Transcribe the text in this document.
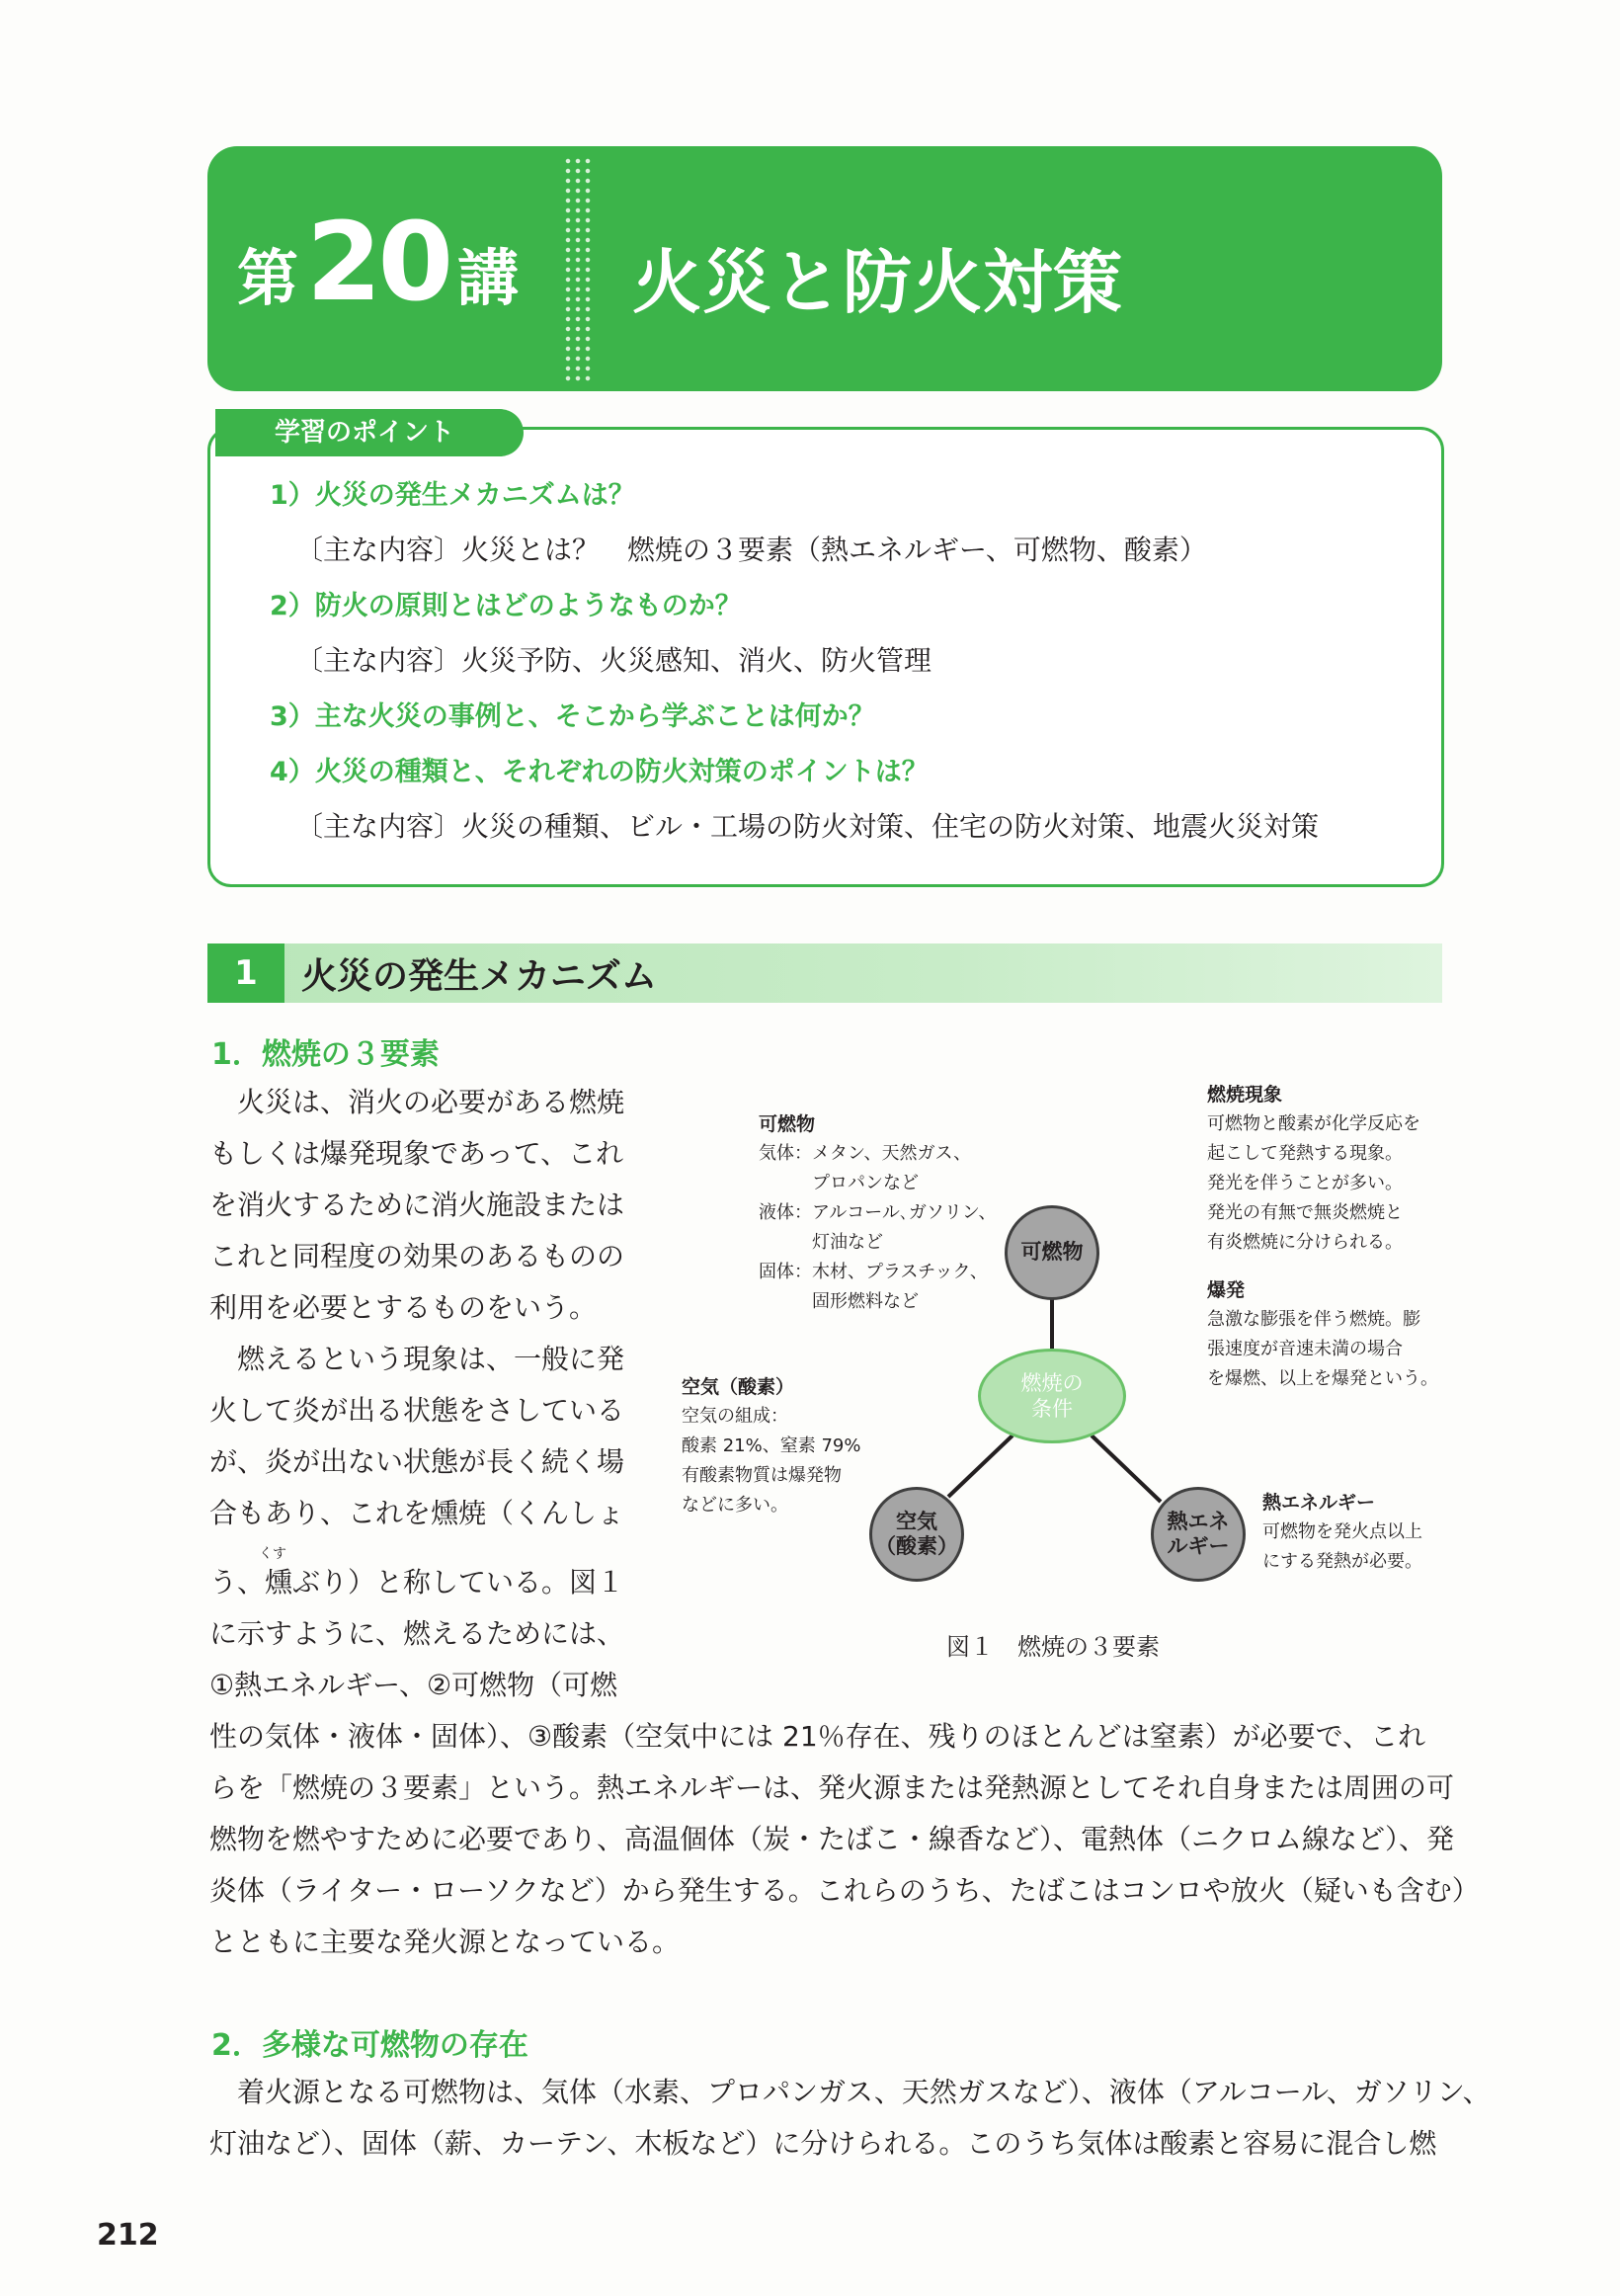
第 20 講 火災と防火対策
1）火災の発生メカニズムは？
〔主な内容〕火災とは？　燃焼の３要素（熱エネルギー、可燃物、酸素）
2）防火の原則とはどのようなものか？
〔主な内容〕火災予防、火災感知、消火、防火管理
3）主な火災の事例と、そこから学ぶことは何か？
4）火災の種類と、それぞれの防火対策のポイントは？
〔主な内容〕火災の種類、ビル・工場の防火対策、住宅の防火対策、地震火災対策
学習のポイント
1	火災の発生メカニズム
1．燃焼の３要素
　火災は、消火の必要がある燃焼
もしくは爆発現象であって、これ
を消火するために消火施設または
これと同程度の効果のあるものの
利用を必要とするものをいう。
　燃えるという現象は、一般に発
火して炎が出る状態をさしている
が、炎が出ない状態が長く続く場
合もあり、これを燻焼（くんしょ
くす
う、燻ぶり）と称している。図１
に示すように、燃えるためには、
①熱エネルギー、②可燃物（可燃
燃焼の
条件
可燃物
空気
（酸素）
熱エネ
ルギー
可燃物
気体：メタン、天然ガス、
　　　プロパンなど
液体：アルコール､ガソリン、
　　　灯油など
固体：木材、プラスチック、
　　　固形燃料など
燃焼現象
可燃物と酸素が化学反応を
起こして発熱する現象。
発光を伴うことが多い。
発光の有無で無炎燃焼と
有炎燃焼に分けられる。
爆発
急激な膨張を伴う燃焼。膨
張速度が音速未満の場合
を爆燃、以上を爆発という。
空気（酸素）
空気の組成：
酸素 21%、窒素 79%
有酸素物質は爆発物
などに多い。	熱エネルギー
可燃物を発火点以上
にする発熱が必要。
図１　燃焼の３要素
性の気体・液体・固体）、③酸素（空気中には 21％存在、残りのほとんどは窒素）が必要で、これ
らを「燃焼の３要素」という。熱エネルギーは、発火源または発熱源としてそれ自身または周囲の可
燃物を燃やすために必要であり、高温個体（炭・たばこ・線香など）、電熱体（ニクロム線など）、発
炎体（ライター・ローソクなど）から発生する。これらのうち、たばこはコンロや放火（疑いも含む）
とともに主要な発火源となっている。
2．多様な可燃物の存在
　着火源となる可燃物は、気体（水素、プロパンガス、天然ガスなど）、液体（アルコール、ガソリン、
灯油など）、固体（薪、カーテン、木板など）に分けられる。このうち気体は酸素と容易に混合し燃
212
